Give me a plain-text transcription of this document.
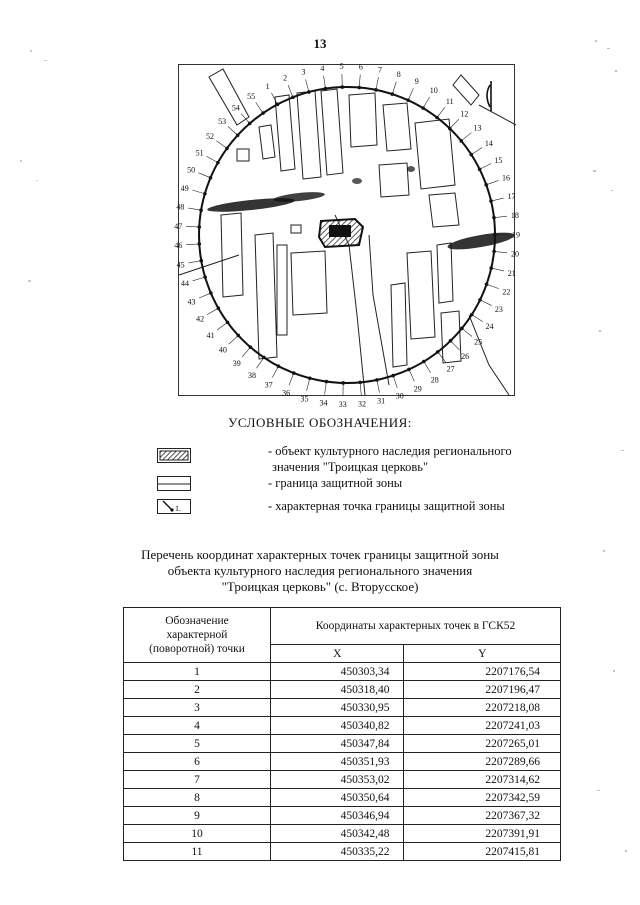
13
1
2
3 4 5 6 7
8
9
10
11
12
13
14
15
16
17
18
19
20
21
22
23
24
25
26
27
28
29
30
31
32
33
34
35
36
37
38
39
40
41
42
43
44
45
46
47
48
49
50
51
52
53
54
55
УСЛОВНЫЕ ОБОЗНАЧЕНИЯ:
- объект культурного наследия регионального
значения "Троицкая церковь"
- граница защитной зоны
1.	- характерная точка границы защитной зоны
Перечень координат характерных точек границы защитной зоны
объекта культурного наследия регионального значения
"Троицкая церковь" (с. Вторусское)
Обозначение
характерной
(поворотной) точки	Координаты характерных точек в ГСК52	
	X	Y
1	450303,34	2207176,54
2	450318,40	2207196,47
3	450330,95	2207218,08
4	450340,82	2207241,03
5	450347,84	2207265,01
6	450351,93	2207289,66
7	450353,02	2207314,62
8	450350,64	2207342,59
9	450346,94	2207367,32
10	450342,48	2207391,91
11	450335,22	2207415,81
